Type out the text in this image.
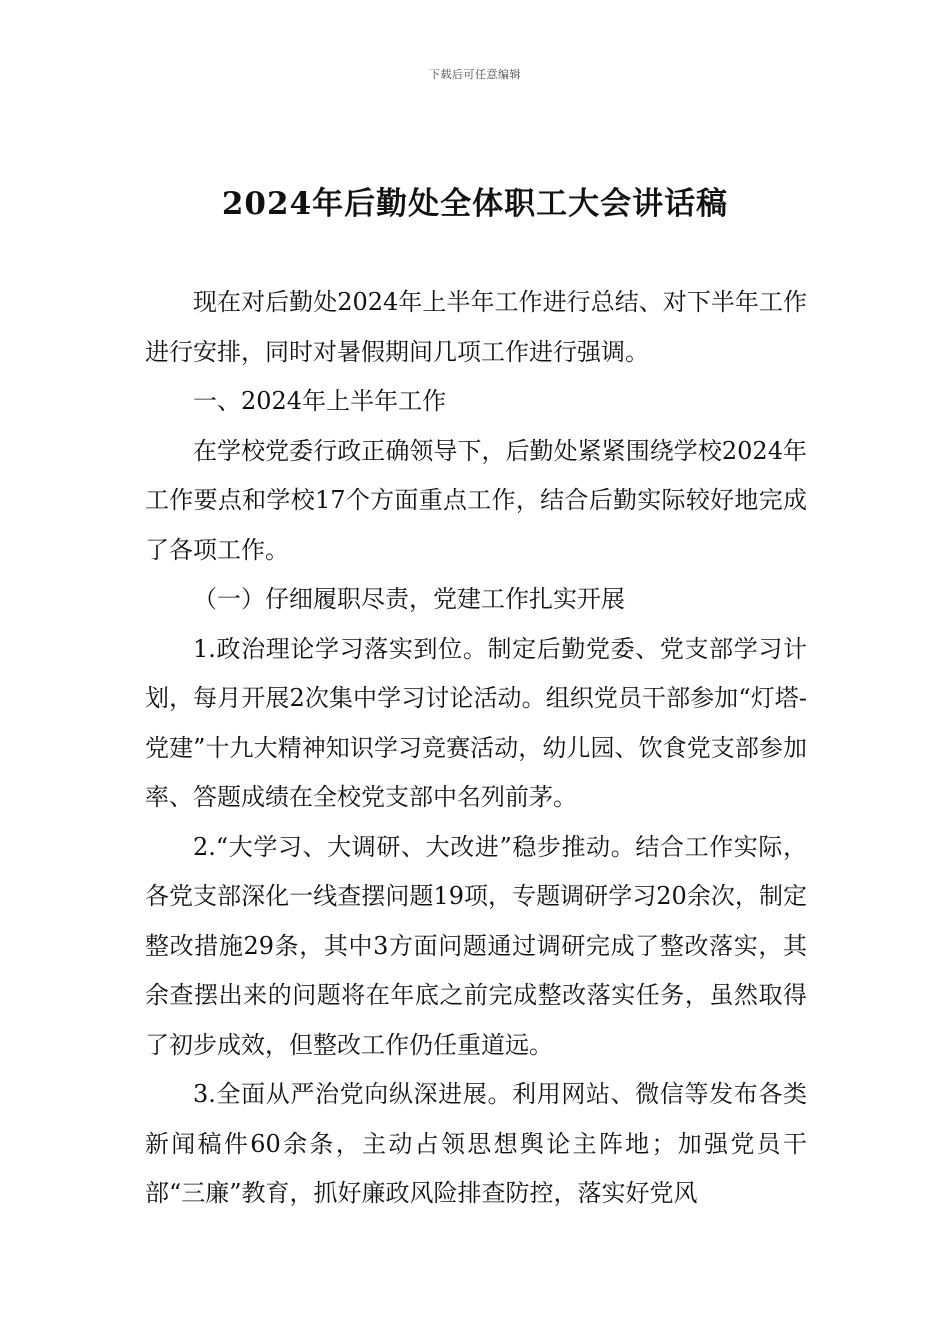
下载后可任意编辑
2024年后勤处全体职工大会讲话稿

现在对后勤处2024年上半年工作进行总结、对下半年工作进行安排，同时对暑假期间几项工作进行强调。

一、2024年上半年工作

在学校党委行政正确领导下，后勤处紧紧围绕学校2024年工作要点和学校17个方面重点工作，结合后勤实际较好地完成了各项工作。

（一）仔细履职尽责，党建工作扎实开展

1.政治理论学习落实到位。制定后勤党委、党支部学习计划，每月开展2次集中学习讨论活动。组织党员干部参加“灯塔-党建”十九大精神知识学习竞赛活动，幼儿园、饮食党支部参加率、答题成绩在全校党支部中名列前茅。

2.“大学习、大调研、大改进”稳步推动。结合工作实际，各党支部深化一线查摆问题19项，专题调研学习20余次，制定整改措施29条，其中3方面问题通过调研完成了整改落实，其余查摆出来的问题将在年底之前完成整改落实任务，虽然取得了初步成效，但整改工作仍任重道远。

3.全面从严治党向纵深进展。利用网站、微信等发布各类新闻稿件60余条，主动占领思想舆论主阵地；加强党员干部“三廉”教育，抓好廉政风险排查防控，落实好党风
